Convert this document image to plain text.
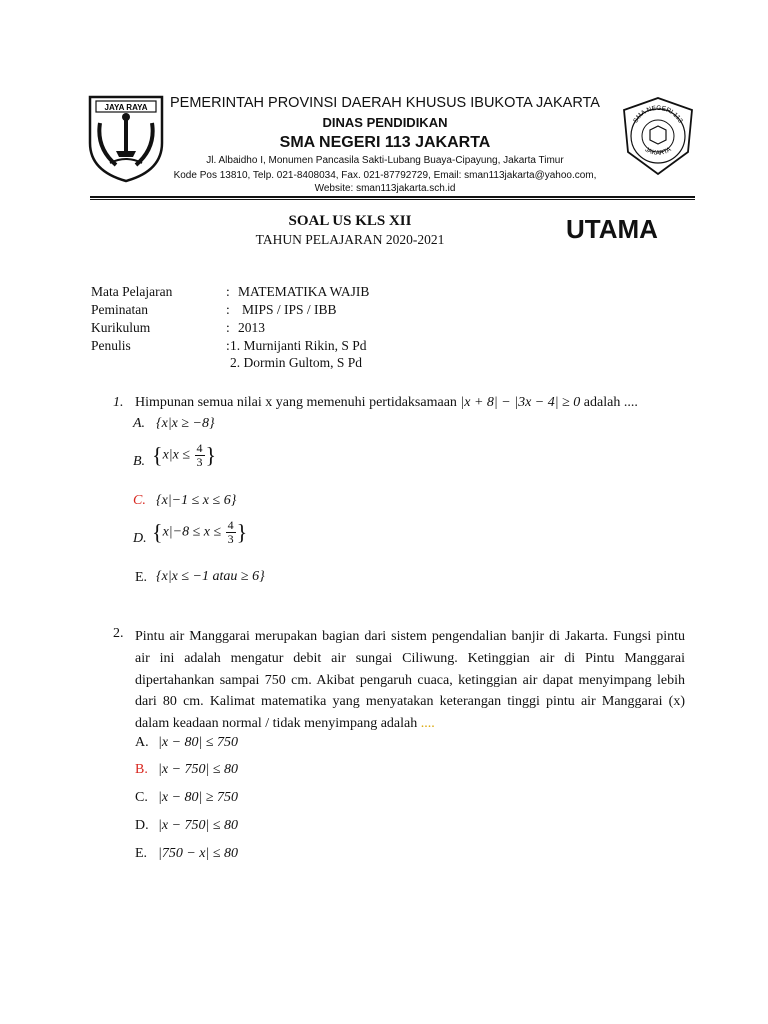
JAYA RAYA	PEMERINTAH PROVINSI DAERAH KHUSUS IBUKOTA JAKARTA
DINAS PENDIDIKAN
SMA NEGERI 113 JAKARTA
Jl. Albaidho I, Monumen Pancasila Sakti-Lubang Buaya-Cipayung, Jakarta Timur
Kode Pos 13810, Telp. 021-8408034, Fax. 021-87792729, Email: sman113jakarta@yahoo.com,
Website: sman113jakarta.sch.id
SMA NEGERI 113
JAKARTA
SOAL US KLS XII
TAHUN PELAJARAN 2020-2021	UTAMA
Mata Pelajaran	: MATEMATIKA WAJIB
Peminatan	: MIPS / IPS / IBB
Kurikulum	: 2013
Penulis	: 1. Murnijanti Rikin, S Pd
2. Dormin Gultom, S Pd
1. Himpunan semua nilai x yang memenuhi pertidaksamaan |x + 8| − |3x − 4| ≥ 0 adalah ....
A. {x|x ≥ −8}
B. {$x|x \le \frac{4}{3}$ }
C. {x|−1 ≤ x ≤ 6}
D. {$x|-8 \le x \le \frac{4}{3}$ }
E. {x|x ≤ −1 atau ≥ 6}
2. Pintu air Manggarai merupakan bagian dari sistem pengendalian banjir di Jakarta. Fungsi pintu air ini adalah mengatur debit air sungai Ciliwung. Ketinggian air di Pintu Manggarai dipertahankan sampai 750 cm. Akibat pengaruh cuaca, ketinggian air dapat menyimpang lebih dari 80 cm. Kalimat matematika yang menyatakan keterangan tinggi pintu air Manggarai (x) dalam keadaan normal / tidak menyimpang adalah ....
A. |x − 80| ≤ 750
B. |x − 750| ≤ 80
C. |x − 80| ≥ 750
D. |x − 750| ≤ 80
E. |750 − x| ≤ 80
